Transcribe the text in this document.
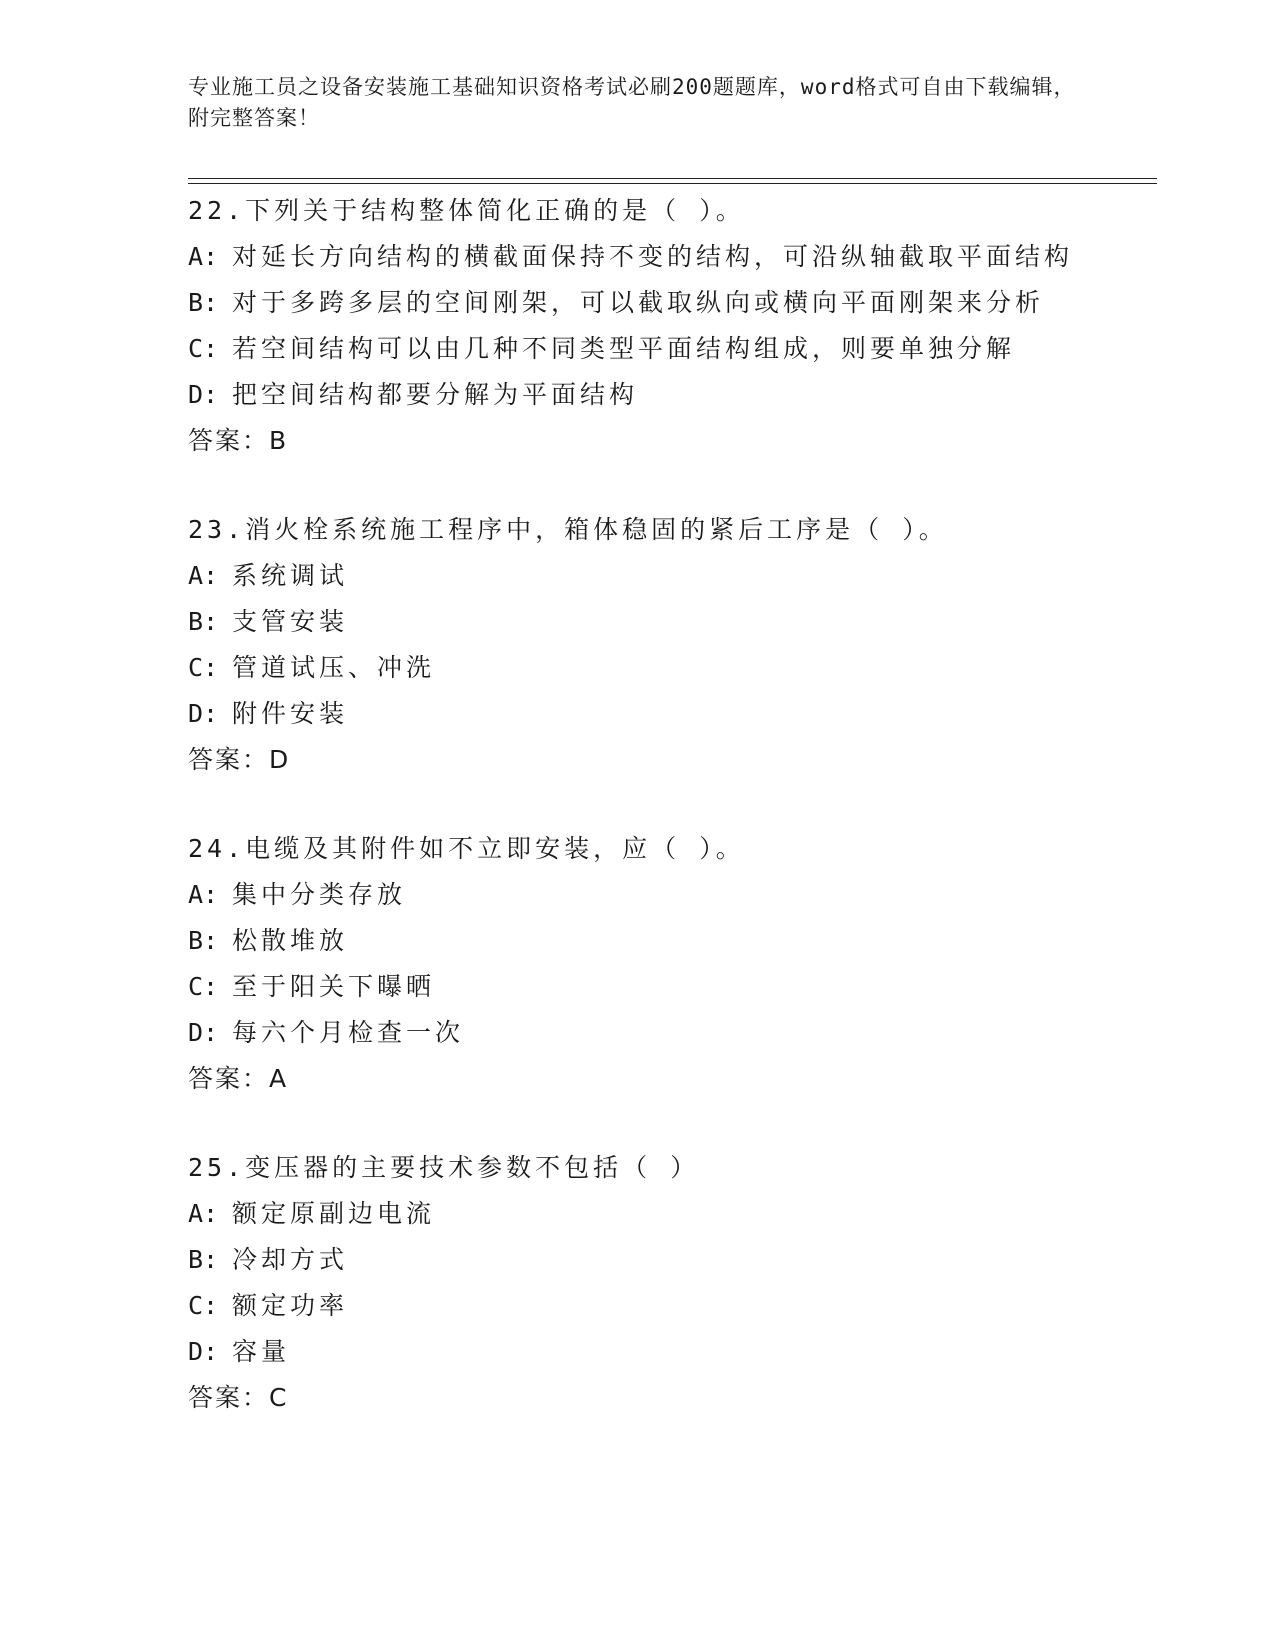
专业施工员之设备安装施工基础知识资格考试必刷200题题库，word格式可自由下载编辑，附完整答案！
22.下列关于结构整体简化正确的是（ ）。
A: 对延长方向结构的横截面保持不变的结构，可沿纵轴截取平面结构
B: 对于多跨多层的空间刚架，可以截取纵向或横向平面刚架来分析
C: 若空间结构可以由几种不同类型平面结构组成，则要单独分解
D: 把空间结构都要分解为平面结构
答案：B
23.消火栓系统施工程序中，箱体稳固的紧后工序是（ ）。
A: 系统调试
B: 支管安装
C: 管道试压、冲洗
D: 附件安装
答案：D
24.电缆及其附件如不立即安装，应（ ）。
A: 集中分类存放
B: 松散堆放
C: 至于阳关下曝晒
D: 每六个月检查一次
答案：A
25.变压器的主要技术参数不包括（ ）
A: 额定原副边电流
B: 冷却方式
C: 额定功率
D: 容量
答案：C
